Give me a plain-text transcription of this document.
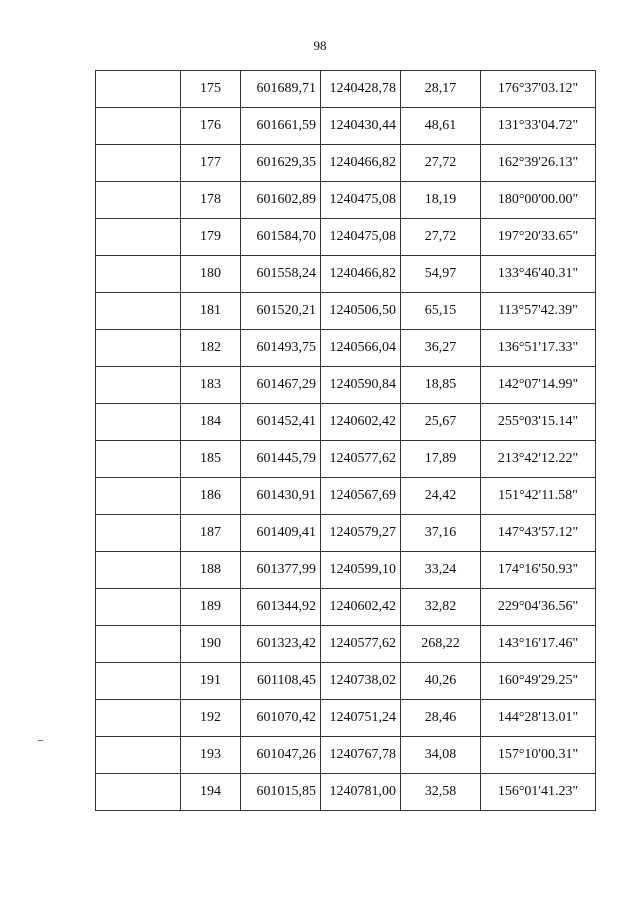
98
	175	601689,71	1240428,78	28,17	176°37'03.12"
	176	601661,59	1240430,44	48,61	131°33'04.72"
	177	601629,35	1240466,82	27,72	162°39'26.13"
	178	601602,89	1240475,08	18,19	180°00'00.00"
	179	601584,70	1240475,08	27,72	197°20'33.65"
	180	601558,24	1240466,82	54,97	133°46'40.31"
	181	601520,21	1240506,50	65,15	113°57'42.39"
	182	601493,75	1240566,04	36,27	136°51'17.33"
	183	601467,29	1240590,84	18,85	142°07'14.99"
	184	601452,41	1240602,42	25,67	255°03'15.14"
	185	601445,79	1240577,62	17,89	213°42'12.22"
	186	601430,91	1240567,69	24,42	151°42'11.58"
	187	601409,41	1240579,27	37,16	147°43'57.12"
	188	601377,99	1240599,10	33,24	174°16'50.93"
	189	601344,92	1240602,42	32,82	229°04'36.56"
	190	601323,42	1240577,62	268,22	143°16'17.46"
	191	601108,45	1240738,02	40,26	160°49'29.25"
	192	601070,42	1240751,24	28,46	144°28'13.01"
	193	601047,26	1240767,78	34,08	157°10'00.31"
	194	601015,85	1240781,00	32,58	156°01'41.23"
